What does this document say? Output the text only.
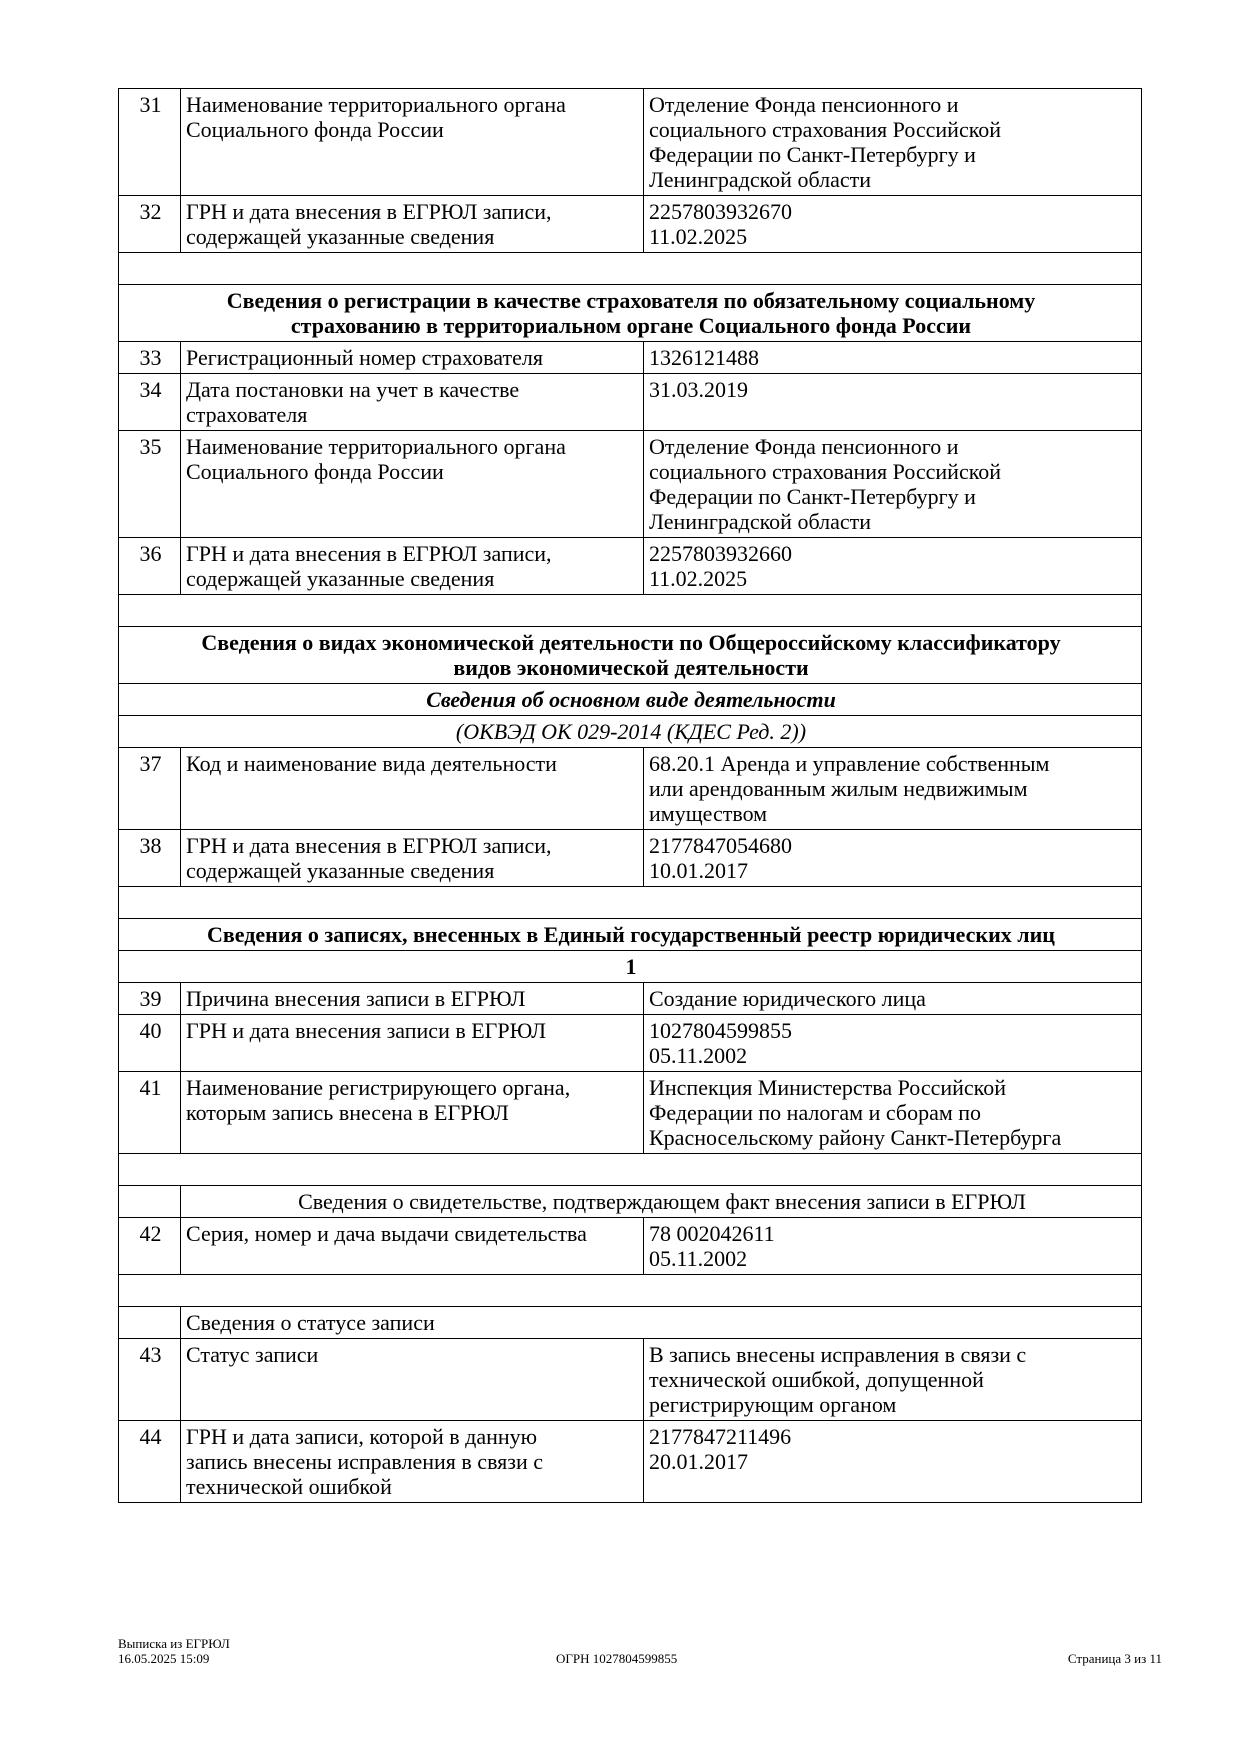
31	Наименование территориального органа
Социального фонда России	Отделение Фонда пенсионного и
социального страхования Российской
Федерации по Санкт-Петербургу и
Ленинградской области

32	ГРН и дата внесения в ЕГРЮЛ записи,
содержащей указанные сведения	2257803932670
11.02.2025

Сведения о регистрации в качестве страхователя по обязательному социальному
страхованию в территориальном органе Социального фонда России		

33	Регистрационный номер страхователя	1326121488

34	Дата постановки на учет в качестве
страхователя	31.03.2019

35	Наименование территориального органа
Социального фонда России	Отделение Фонда пенсионного и
социального страхования Российской
Федерации по Санкт-Петербургу и
Ленинградской области

36	ГРН и дата внесения в ЕГРЮЛ записи,
содержащей указанные сведения	2257803932660
11.02.2025

Сведения о видах экономической деятельности по Общероссийскому классификатору
видов экономической деятельности		

Сведения об основном виде деятельности		
(ОКВЭД ОК 029-2014 (КДЕС Ред. 2))		
37	Код и наименование вида деятельности	68.20.1 Аренда и управление собственным
или арендованным жилым недвижимым
имуществом

38	ГРН и дата внесения в ЕГРЮЛ записи,
содержащей указанные сведения	2177847054680
10.01.2017

Сведения о записях, внесенных в Единый государственный реестр юридических лиц		
1		
39	Причина внесения записи в ЕГРЮЛ	Создание юридического лица

40	ГРН и дата внесения записи в ЕГРЮЛ	1027804599855
05.11.2002

41	Наименование регистрирующего органа,
которым запись внесена в ЕГРЮЛ	Инспекция Министерства Российской
Федерации по налогам и сборам по
Красносельскому району Санкт-Петербурга

	Сведения о свидетельстве, подтверждающем факт внесения записи в ЕГРЮЛ	
42	Серия, номер и дача выдачи свидетельства	78 002042611
05.11.2002

	Сведения о статусе записи	
43	Статус записи	В запись внесены исправления в связи с
технической ошибкой, допущенной
регистрирующим органом

44	ГРН и дата записи, которой в данную
запись внесены исправления в связи с
технической ошибкой	2177847211496
20.01.2017
Выписка из ЕГРЮЛ
16.05.2025 15:09	ОГРН 1027804599855	Страница 3 из 11
